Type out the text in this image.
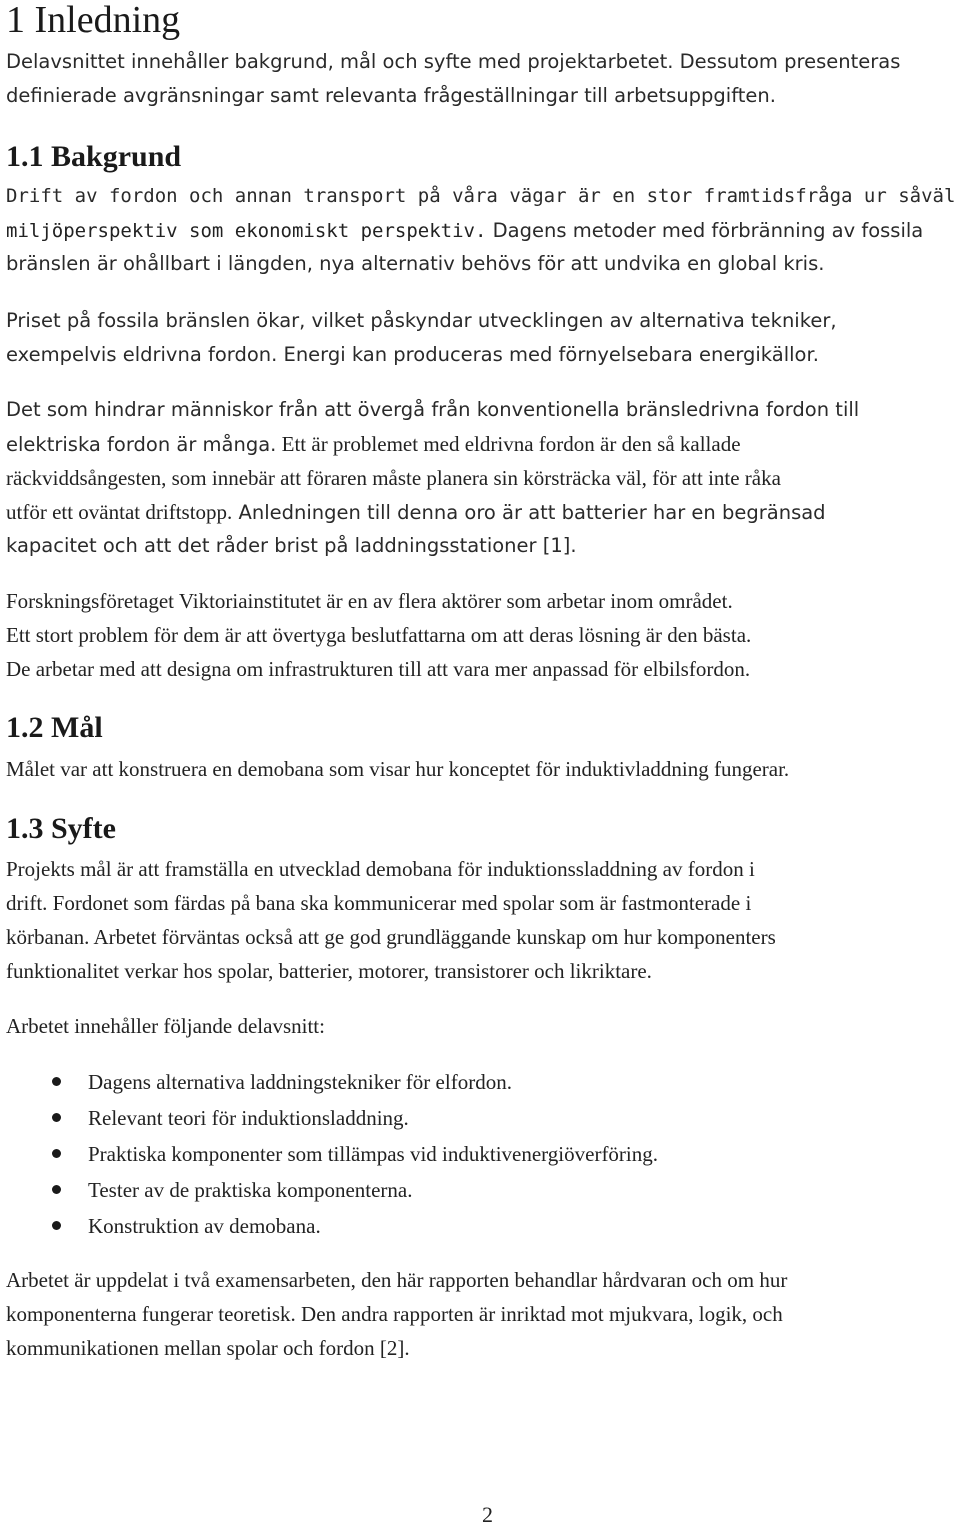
1 Inledning

Delavsnittet innehåller bakgrund, mål och syfte med projektarbetet. Dessutom presenteras

definierade avgränsningar samt relevanta frågeställningar till arbetsuppgiften.

1.1 Bakgrund

Drift av fordon och annan transport på våra vägar är en stor framtidsfråga ur såväl

miljöperspektiv som ekonomiskt perspektiv. Dagens metoder med förbränning av fossila

bränslen är ohållbart i längden, nya alternativ behövs för att undvika en global kris.

Priset på fossila bränslen ökar, vilket påskyndar utvecklingen av alternativa tekniker,

exempelvis eldrivna fordon. Energi kan produceras med förnyelsebara energikällor.

Det som hindrar människor från att övergå från konventionella bränsledrivna fordon till

elektriska fordon är många. Ett är problemet med eldrivna fordon är den så kallade

räckviddsångesten, som innebär att föraren måste planera sin körsträcka väl, för att inte råka

utför ett oväntat driftstopp. Anledningen till denna oro är att batterier har en begränsad

kapacitet och att det råder brist på laddningsstationer [1].

Forskningsföretaget Viktoriainstitutet är en av flera aktörer som arbetar inom området.

Ett stort problem för dem är att övertyga beslutfattarna om att deras lösning är den bästa.

De arbetar med att designa om infrastrukturen till att vara mer anpassad för elbilsfordon.

1.2 Mål

Målet var att konstruera en demobana som visar hur konceptet för induktivladdning fungerar.

1.3 Syfte

Projekts mål är att framställa en utvecklad demobana för induktionssladdning av fordon i

drift. Fordonet som färdas på bana ska kommunicerar med spolar som är fastmonterade i

körbanan. Arbetet förväntas också att ge god grundläggande kunskap om hur komponenters

funktionalitet verkar hos spolar, batterier, motorer, transistorer och likriktare.

Arbetet innehåller följande delavsnitt:

Dagens alternativa laddningstekniker för elfordon.
Relevant teori för induktionsladdning.
Praktiska komponenter som tillämpas vid induktivenergiöverföring.
Tester av de praktiska komponenterna.
Konstruktion av demobana.

Arbetet är uppdelat i två examensarbeten, den här rapporten behandlar hårdvaran och om hur

komponenterna fungerar teoretisk. Den andra rapporten är inriktad mot mjukvara, logik, och

kommunikationen mellan spolar och fordon [2].

2
